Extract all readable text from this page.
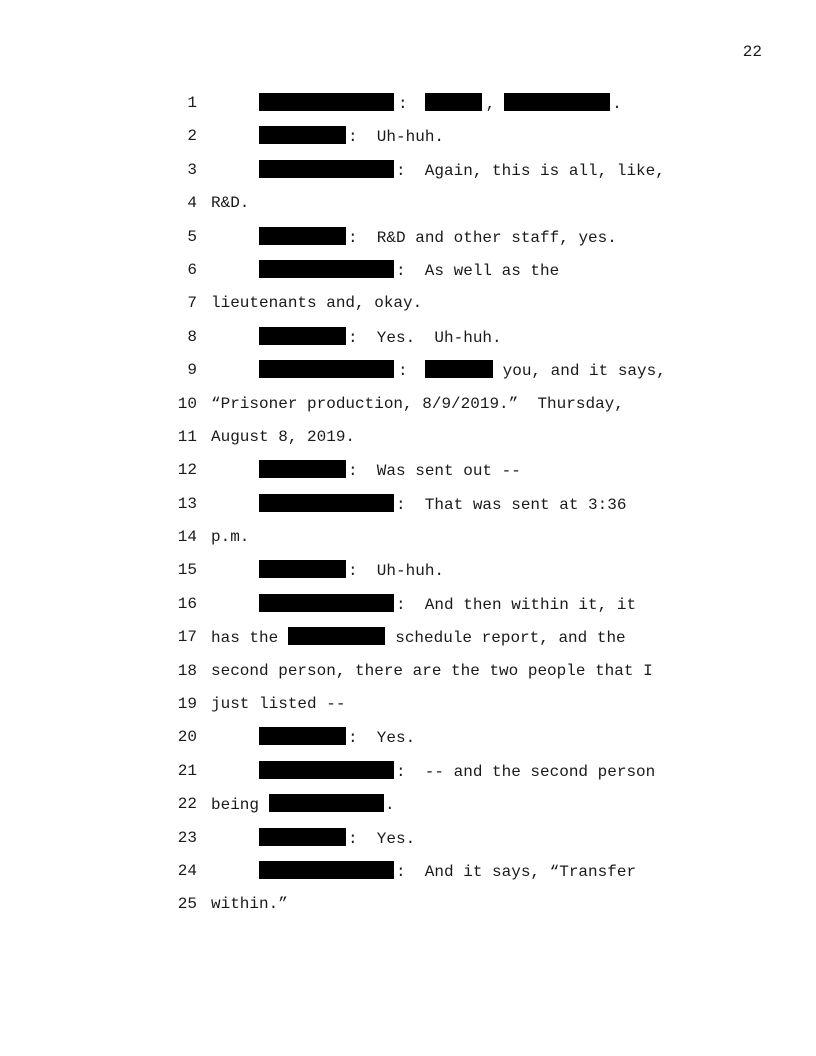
22

1

	:	,	.

2

	:  Uh-huh.

3

	:  Again, this is all, like,

4

R&D.

5

	:  R&D and other staff, yes.

6

	:  As well as the

7

lieutenants and, okay.

8

	:  Yes.  Uh-huh.

9

	:	you, and it says,

10

“Prisoner production, 8/9/2019.”  Thursday,

11

August 8, 2019.

12

	:  Was sent out --

13

	:  That was sent at 3:36

14

p.m.

15

	:  Uh-huh.

16

	:  And then within it, it

17

has the	schedule report, and the

18

second person, there are the two people that I

19

just listed --

20

	:  Yes.

21

	:  -- and the second person

22

being	.

23

	:  Yes.

24

	:  And it says, “Transfer

25

within.”
